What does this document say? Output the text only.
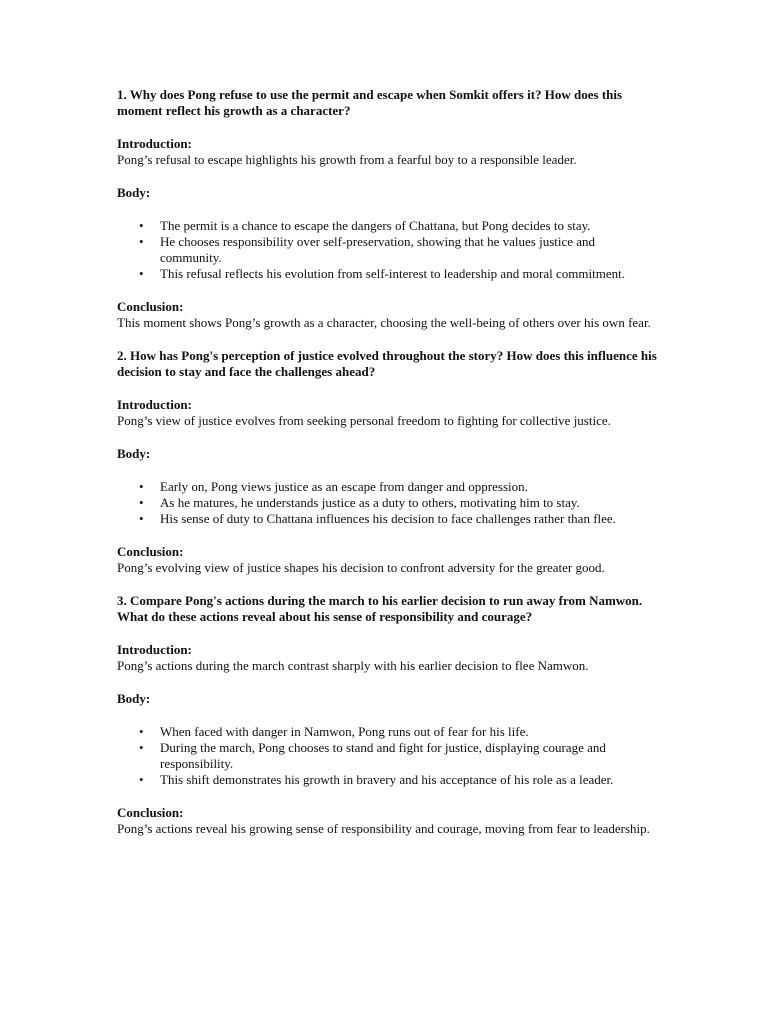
1. Why does Pong refuse to use the permit and escape when Somkit offers it? How does this moment reflect his growth as a character?

Introduction:

Pong’s refusal to escape highlights his growth from a fearful boy to a responsible leader.

Body:

• The permit is a chance to escape the dangers of Chattana, but Pong decides to stay.
• He chooses responsibility over self-preservation, showing that he values justice and community.
• This refusal reflects his evolution from self-interest to leadership and moral commitment.

Conclusion:

This moment shows Pong’s growth as a character, choosing the well-being of others over his own fear.

2. How has Pong's perception of justice evolved throughout the story? How does this influence his decision to stay and face the challenges ahead?

Introduction:

Pong’s view of justice evolves from seeking personal freedom to fighting for collective justice.

Body:

• Early on, Pong views justice as an escape from danger and oppression.
• As he matures, he understands justice as a duty to others, motivating him to stay.
• His sense of duty to Chattana influences his decision to face challenges rather than flee.

Conclusion:

Pong’s evolving view of justice shapes his decision to confront adversity for the greater good.

3. Compare Pong's actions during the march to his earlier decision to run away from Namwon. What do these actions reveal about his sense of responsibility and courage?

Introduction:

Pong’s actions during the march contrast sharply with his earlier decision to flee Namwon.

Body:

• When faced with danger in Namwon, Pong runs out of fear for his life.
• During the march, Pong chooses to stand and fight for justice, displaying courage and responsibility.
• This shift demonstrates his growth in bravery and his acceptance of his role as a leader.

Conclusion:

Pong’s actions reveal his growing sense of responsibility and courage, moving from fear to leadership.
